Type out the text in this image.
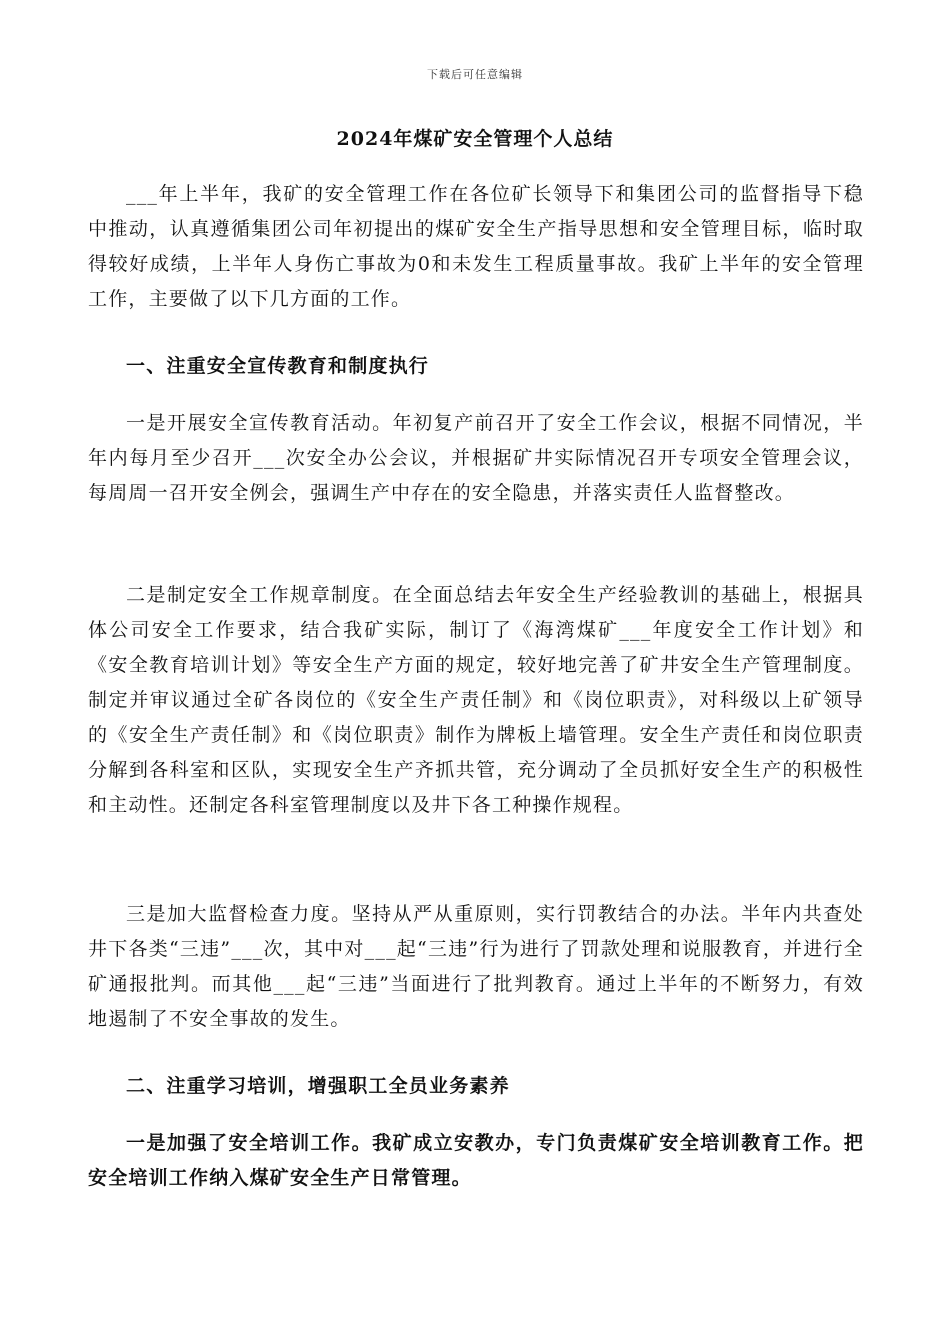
下载后可任意编辑
2024年煤矿安全管理个人总结

___年上半年，我矿的安全管理工作在各位矿长领导下和集团公司的监督指导下稳中推动，认真遵循集团公司年初提出的煤矿安全生产指导思想和安全管理目标，临时取得较好成绩，上半年人身伤亡事故为0和未发生工程质量事故。我矿上半年的安全管理工作，主要做了以下几方面的工作。

一、注重安全宣传教育和制度执行

一是开展安全宣传教育活动。年初复产前召开了安全工作会议，根据不同情况，半年内每月至少召开___次安全办公会议，并根据矿井实际情况召开专项安全管理会议，每周周一召开安全例会，强调生产中存在的安全隐患，并落实责任人监督整改。

二是制定安全工作规章制度。在全面总结去年安全生产经验教训的基础上，根据具体公司安全工作要求，结合我矿实际，制订了《海湾煤矿___年度安全工作计划》和《安全教育培训计划》等安全生产方面的规定，较好地完善了矿井安全生产管理制度。制定并审议通过全矿各岗位的《安全生产责任制》和《岗位职责》，对科级以上矿领导的《安全生产责任制》和《岗位职责》制作为牌板上墙管理。安全生产责任和岗位职责分解到各科室和区队，实现安全生产齐抓共管，充分调动了全员抓好安全生产的积极性和主动性。还制定各科室管理制度以及井下各工种操作规程。

三是加大监督检查力度。坚持从严从重原则，实行罚教结合的办法。半年内共查处井下各类“三违”___次，其中对___起“三违”行为进行了罚款处理和说服教育，并进行全矿通报批判。而其他___起“三违”当面进行了批判教育。通过上半年的不断努力，有效地遏制了不安全事故的发生。

二、注重学习培训，增强职工全员业务素养

一是加强了安全培训工作。我矿成立安教办，专门负责煤矿安全培训教育工作。把安全培训工作纳入煤矿安全生产日常管理。
